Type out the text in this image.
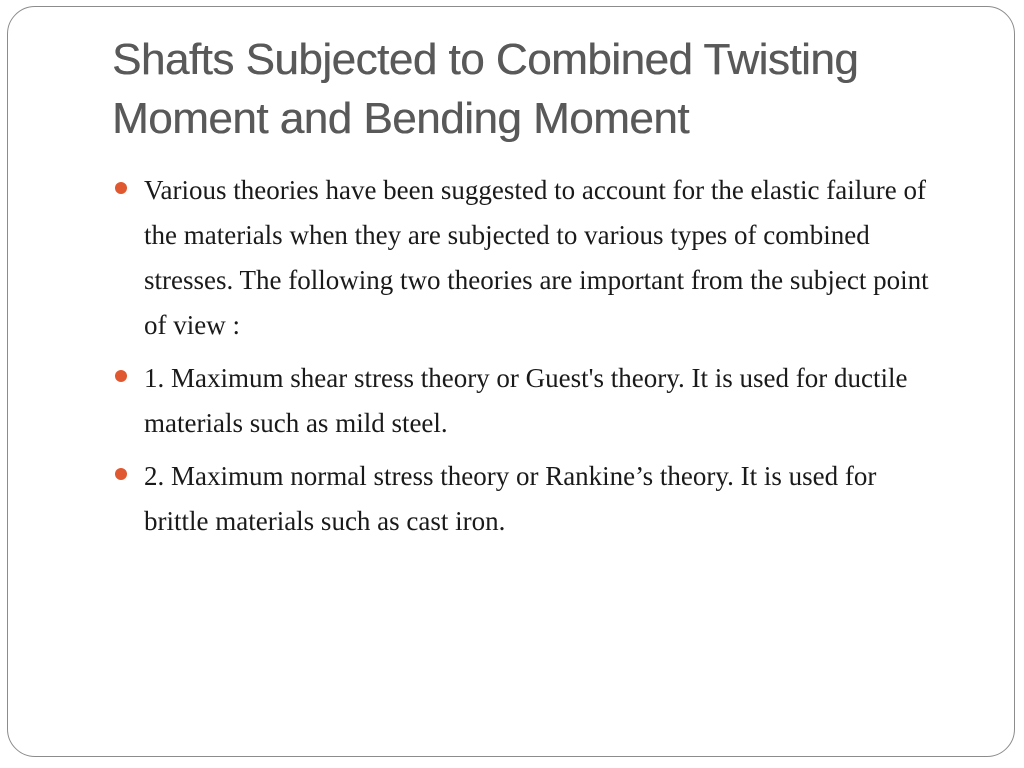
Shafts Subjected to Combined Twisting
Moment and Bending Moment
Various theories have been suggested to account for the elastic failure of the materials when they are subjected to various types of combined stresses. The following two theories are important from the subject point of view :
1. Maximum shear stress theory or Guest's theory. It is used for ductile materials such as mild steel.
2. Maximum normal stress theory or Rankine’s theory. It is used for brittle materials such as cast iron.
